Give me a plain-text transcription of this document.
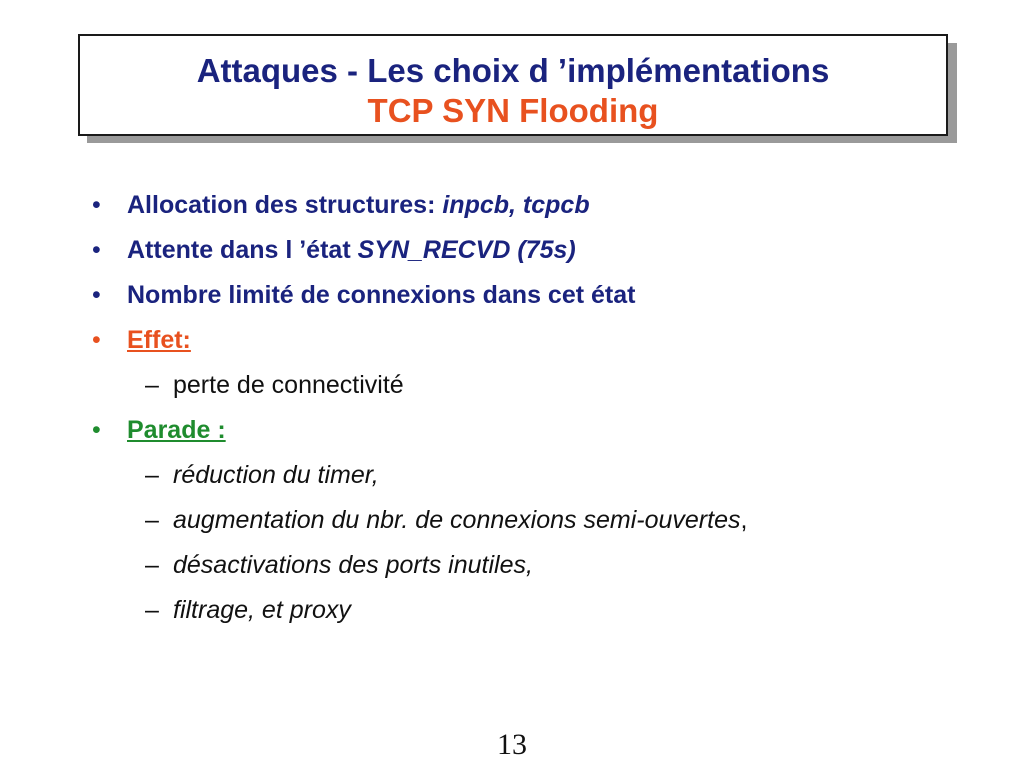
Attaques - Les choix d ’implémentations
TCP SYN Flooding
• Allocation des structures: inpcb, tcpcb
• Attente dans l ’état SYN_RECVD (75s)
• Nombre limité de connexions dans cet état
• Effet:
– perte de connectivité
• Parade :
– réduction du timer,
– augmentation du nbr. de connexions semi-ouvertes,
– désactivations des ports inutiles,
– filtrage, et proxy
13
